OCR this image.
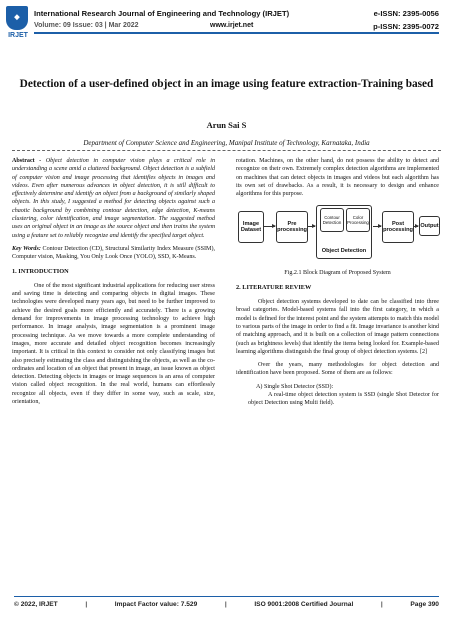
◆
IRJET
International Research Journal of Engineering and Technology (IRJET)	e-ISSN: 2395-0056
Volume: 09 Issue: 03 | Mar 2022	www.irjet.net	p-ISSN: 2395-0072
Detection of a user-defined object in an image using feature extraction-Training based
Arun Sai S
Department of Computer Science and Engineering, Manipal Institute of Technology, Karnataka, India

Abstract - Object detection in computer vision plays a critical role in understanding a scene amid a cluttered background. Object detection is a subfield of computer vision and image processing that identifies objects in images and videos. Even after numerous advances in object detection, it is still difficult to effectively determine and identify an object from a background of similarly shaped objects. In this study, I suggested a method for detecting objects against such a chaotic background by combining contour detection, edge detection, K-means clustering, color identification, and image segmentation. The suggested method uses an original object in an image as the source object and then trains the system using a feature set to reliably recognize and identify the specified target object.

Key Words: Contour Detection (CD), Structural Similarity Index Measure (SSIM), Computer vision, Masking, You Only Look Once (YOLO), SSD, K-Means.

1. INTRODUCTION

One of the most significant industrial applications for reducing user stress and saving time is detecting and comparing objects in digital images. These technologies were developed many years ago, but need to be further improved to achieve the desired goals more efficiently and accurately. There is a growing demand for improvements in image processing technology to achieve high performance. In image analysis, image segmentation is a prominent image processing technique. As we move towards a more complete understanding of images, more accurate and detailed object recognition becomes increasingly important. It is critical in this context to consider not only classifying images but also precisely estimating the class and distinguishing the objects, as well as the co-ordinates and location of an object that present in image, an issue known as object detection. Detecting objects in images or image sequences is an area of computer vision called object recognition. In the real world, humans can effortlessly recognize all objects, even if they differ in some way, such as scale, size, orientation,

rotation. Machines, on the other hand, do not possess the ability to detect and recognize on their own. Extremely complex detection algorithms are implemented on machines that can detect objects in images and videos but each algorithm has its own set of drawbacks. As a result, it is necessary to design and enhance algorithms for this purpose.

Image Dataset
Pre processing
Object Detection
Contour Detection
Color Processing	Post processing
Output

Fig.2.1 Block Diagram of Proposed System

2. LITERATURE REVIEW

Object detection systems developed to date can be classified into three broad categories. Model-based systems fall into the first category, in which a model is defined for the interest point and the system attempts to match this model to various parts of the image in order to find a fit. Image invariance is another kind of matching approach, and it is built on a collection of image pattern connections (such as brightness levels) that identify the items being looked for. Example-based learning algorithms distinguish the final group of object detection systems. [2]

Over the years, many methodologies for object detection and identification have been proposed. Some of them are as follows:

A) Single Shot Detector (SSD):

A real-time object detection system is SSD (single Shot Detector for object Detection using Multi field).

© 2022, IRJET	|	Impact Factor value: 7.529	|	ISO 9001:2008 Certified Journal	|	Page 390
